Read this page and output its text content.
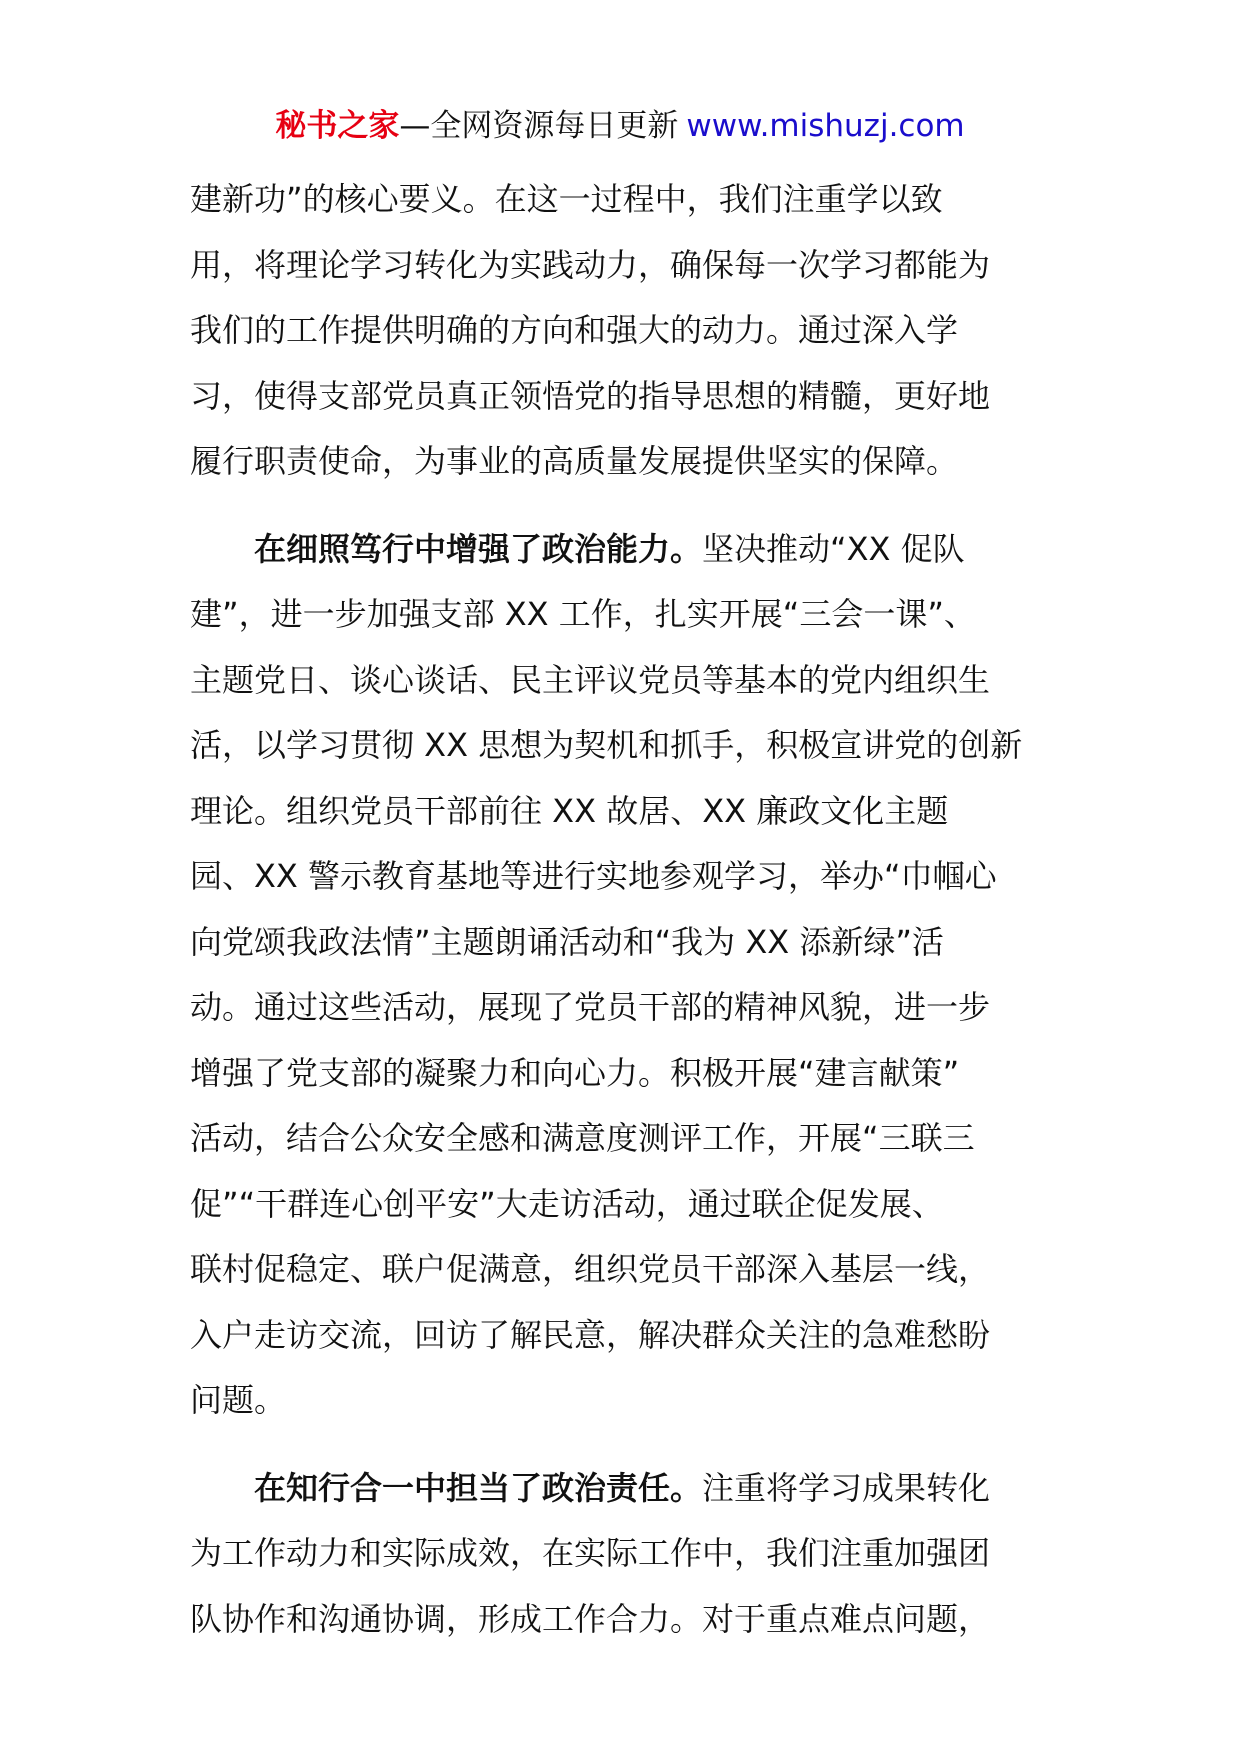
秘书之家—全网资源每日更新 www.mishuzj.com
建新功”的核心要义。在这一过程中，我们注重学以致
用，将理论学习转化为实践动力，确保每一次学习都能为
我们的工作提供明确的方向和强大的动力。通过深入学
习，使得支部党员真正领悟党的指导思想的精髓，更好地
履行职责使命，为事业的高质量发展提供坚实的保障。
在细照笃行中增强了政治能力。坚决推动“XX 促队
建”，进一步加强支部 XX 工作，扎实开展“三会一课”、
主题党日、谈心谈话、民主评议党员等基本的党内组织生
活，以学习贯彻 XX 思想为契机和抓手，积极宣讲党的创新
理论。组织党员干部前往 XX 故居、XX 廉政文化主题
园、XX 警示教育基地等进行实地参观学习，举办“巾帼心
向党颂我政法情”主题朗诵活动和“我为 XX 添新绿”活
动。通过这些活动，展现了党员干部的精神风貌，进一步
增强了党支部的凝聚力和向心力。积极开展“建言献策”
活动，结合公众安全感和满意度测评工作，开展“三联三
促”“干群连心创平安”大走访活动，通过联企促发展、
联村促稳定、联户促满意，组织党员干部深入基层一线，
入户走访交流，回访了解民意，解决群众关注的急难愁盼
问题。
在知行合一中担当了政治责任。注重将学习成果转化
为工作动力和实际成效，在实际工作中，我们注重加强团
队协作和沟通协调，形成工作合力。对于重点难点问题，
